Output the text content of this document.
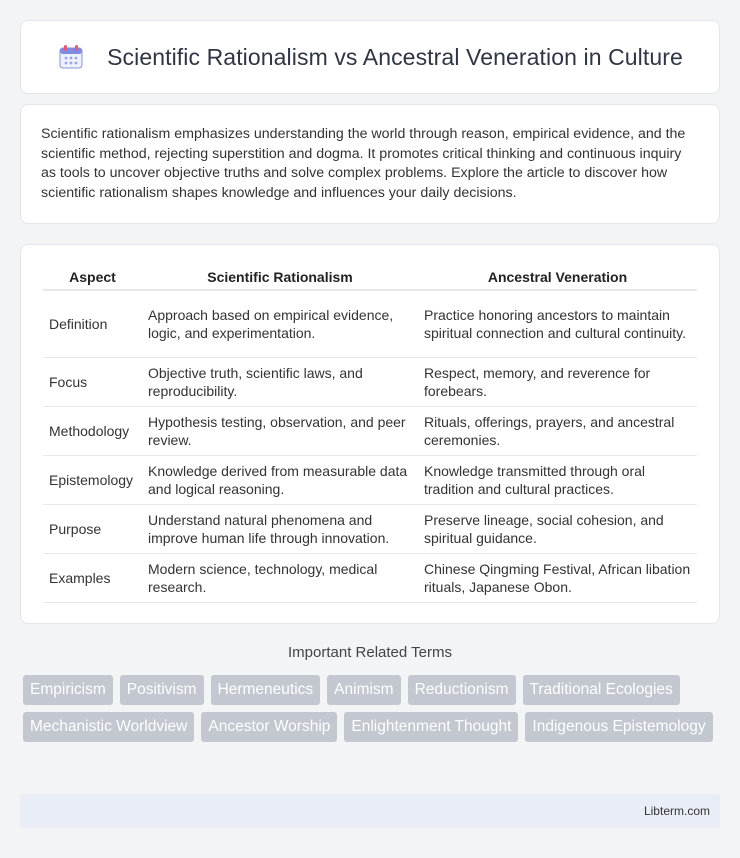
Scientific Rationalism vs Ancestral Veneration in Culture

Scientific rationalism emphasizes understanding the world through reason, empirical evidence, and the scientific method, rejecting superstition and dogma. It promotes critical thinking and continuous inquiry as tools to uncover objective truths and solve complex problems. Explore the article to discover how scientific rationalism shapes knowledge and influences your daily decisions.

Aspect	Scientific Rationalism	Ancestral Veneration
Definition	Approach based on empirical evidence, logic, and experimentation.	Practice honoring ancestors to maintain spiritual connection and cultural continuity.
Focus	Objective truth, scientific laws, and reproducibility.	Respect, memory, and reverence for forebears.
Methodology	Hypothesis testing, observation, and peer review.	Rituals, offerings, prayers, and ancestral ceremonies.
Epistemology	Knowledge derived from measurable data and logical reasoning.	Knowledge transmitted through oral tradition and cultural practices.
Purpose	Understand natural phenomena and improve human life through innovation.	Preserve lineage, social cohesion, and spiritual guidance.
Examples	Modern science, technology, medical research.	Chinese Qingming Festival, African libation rituals, Japanese Obon.
Important Related Terms
Empiricism	Positivism	Hermeneutics	Animism	Reductionism	Traditional Ecologies
Mechanistic Worldview	Ancestor Worship	Enlightenment Thought	Indigenous Epistemology
Libterm.com
